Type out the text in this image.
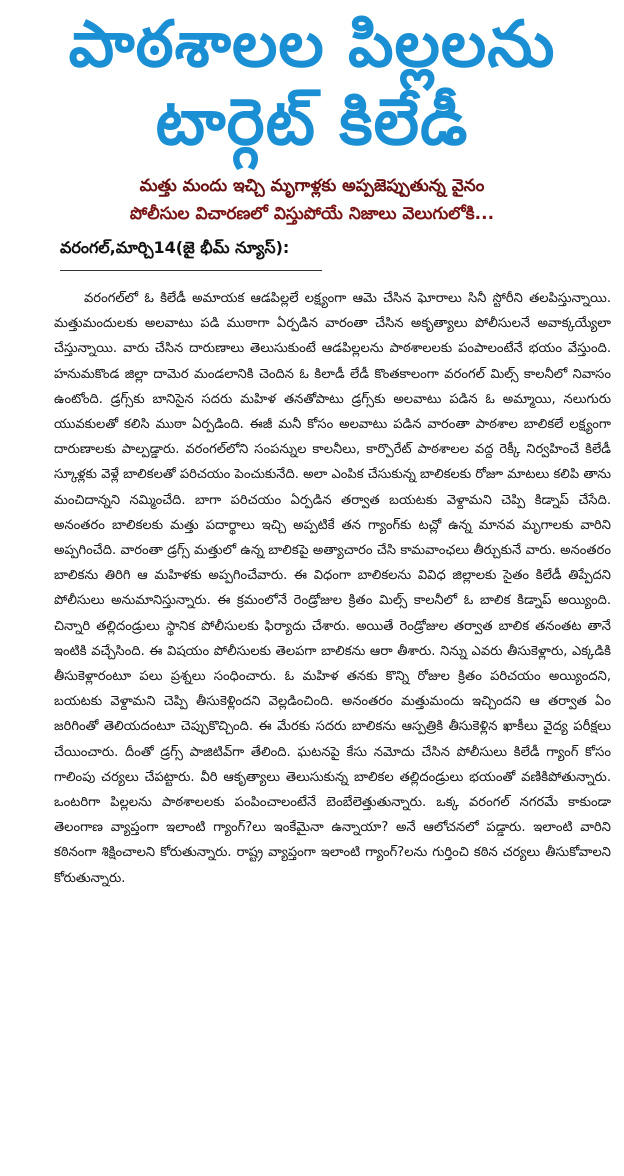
పాఠశాలల పిల్లలను
టార్గెట్ కిలేడీ
మత్తు మందు ఇచ్చి మృగాళ్లకు అప్పజెప్పుతున్న వైనం
పోలీసుల విచారణలో విస్తుపోయే నిజాలు వెలుగులోకి...
వరంగల్,మార్చి14(జై భీమ్ న్యూస్):
వరంగల్‌లో ఓ కిలేడీ అమాయక ఆడపిల్లలే లక్ష్యంగా ఆమె చేసిన ఘోరాలు సినీ స్టోరీని తలపిస్తున్నాయి. మత్తుమందులకు అలవాటు పడి ముఠాగా ఏర్పడిన వారంతా చేసిన అకృత్యాలు పోలీసులనే అవాక్కయ్యేలా చేస్తున్నాయి. వారు చేసిన దారుణాలు తెలుసుకుంటే ఆడపిల్లలను పాఠశాలలకు పంపాలంటేనే భయం వేస్తుంది. హనుమకొండ జిల్లా దామెర మండలానికి చెందిన ఓ కిలాడీ లేడీ కొంతకాలంగా వరంగల్ మిల్స్ కాలనీలో నివాసం ఉంటోంది. డ్రగ్స్‌కు బానిసైన సదరు మహిళ తనతోపాటు డ్రగ్స్‌కు అలవాటు పడిన ఓ అమ్మాయి, నలుగురు యువకులతో కలిసి ముఠా ఏర్పడింది. ఈజీ మనీ కోసం అలవాటు పడిన వారంతా పాఠశాల బాలికలే లక్ష్యంగా దారుణాలకు పాల్పడ్డారు. వరంగల్‌లోని సంపన్నుల కాలనీలు, కార్పొరేట్ పాఠశాలల వద్ద రెక్కీ నిర్వహించే కిలేడీ స్కూళ్లకు వెళ్లే బాలికలతో పరిచయం పెంచుకునేది. అలా ఎంపిక చేసుకున్న బాలికలకు రోజూ మాటలు కలిపి తాను మంచిదాన్నని నమ్మించేది. బాగా పరిచయం ఏర్పడిన తర్వాత బయటకు వెళ్దామని చెప్పి కిడ్నాప్ చేసేది. అనంతరం బాలికలకు మత్తు పదార్థాలు ఇచ్చి అప్పటికే తన గ్యాంగ్‌కు టచ్లో ఉన్న మానవ మృగాలకు వారిని అప్పగించేది. వారంతా డ్రగ్స్ మత్తులో ఉన్న బాలికపై అత్యాచారం చేసి కామవాంఛలు తీర్చుకునే వారు. అనంతరం బాలికను తిరిగి ఆ మహిళకు అప్పగించేవారు. ఈ విధంగా బాలికలను వివిధ జిల్లాలకు సైతం కిలేడీ తిప్పేదని పోలీసులు అనుమానిస్తున్నారు. ఈ క్రమంలోనే రెండ్రోజుల క్రితం మిల్స్ కాలనీలో ఓ బాలిక కిడ్నాప్ అయ్యింది. చిన్నారి తల్లిదండ్రులు స్థానిక పోలీసులకు ఫిర్యాదు చేశారు. అయితే రెండ్రోజుల తర్వాత బాలిక తనంతట తానే ఇంటికి వచ్చేసింది. ఈ విషయం పోలీసులకు తెలపగా బాలికను ఆరా తీశారు. నిన్ను ఎవరు తీసుకెళ్లారు, ఎక్కడికి తీసుకెళ్లారంటూ పలు ప్రశ్నలు సంధించారు. ఓ మహిళ తనకు కొన్ని రోజుల క్రితం పరిచయం అయ్యిందని, బయటకు వెళ్దామని చెప్పి తీసుకెళ్లిందని వెల్లడించింది. అనంతరం మత్తుమందు ఇచ్చిందని ఆ తర్వాత ఏం జరిగింతో తెలియదంటూ చెప్పుకొచ్చింది. ఈ మేరకు సదరు బాలికను ఆస్పత్రికి తీసుకెళ్లిన ఖాకీలు వైద్య పరీక్షలు చేయించారు. దీంతో డ్రగ్స్ పాజిటివ్‌గా తేలింది. ఘటనపై కేసు నమోదు చేసిన పోలీసులు కిలేడీ గ్యాంగ్ కోసం గాలింపు చర్యలు చేపట్టారు. వీరి ఆకృత్యాలు తెలుసుకున్న బాలికల తల్లిదండ్రులు భయంతో వణికిపోతున్నారు. ఒంటరిగా పిల్లలను పాఠశాలలకు పంపించాలంటేనే బెంబేలెత్తుతున్నారు. ఒక్క వరంగల్ నగరమే కాకుండా తెలంగాణ వ్యాప్తంగా ఇలాంటి గ్యాంగ్?లు ఇంకేమైనా ఉన్నాయా? అనే ఆలోచనలో పడ్డారు. ఇలాంటి వారిని కఠినంగా శిక్షించాలని కోరుతున్నారు. రాష్ట్ర వ్యాప్తంగా ఇలాంటి గ్యాంగ్?లను గుర్తించి కఠిన చర్యలు తీసుకోవాలని కోరుతున్నారు.
